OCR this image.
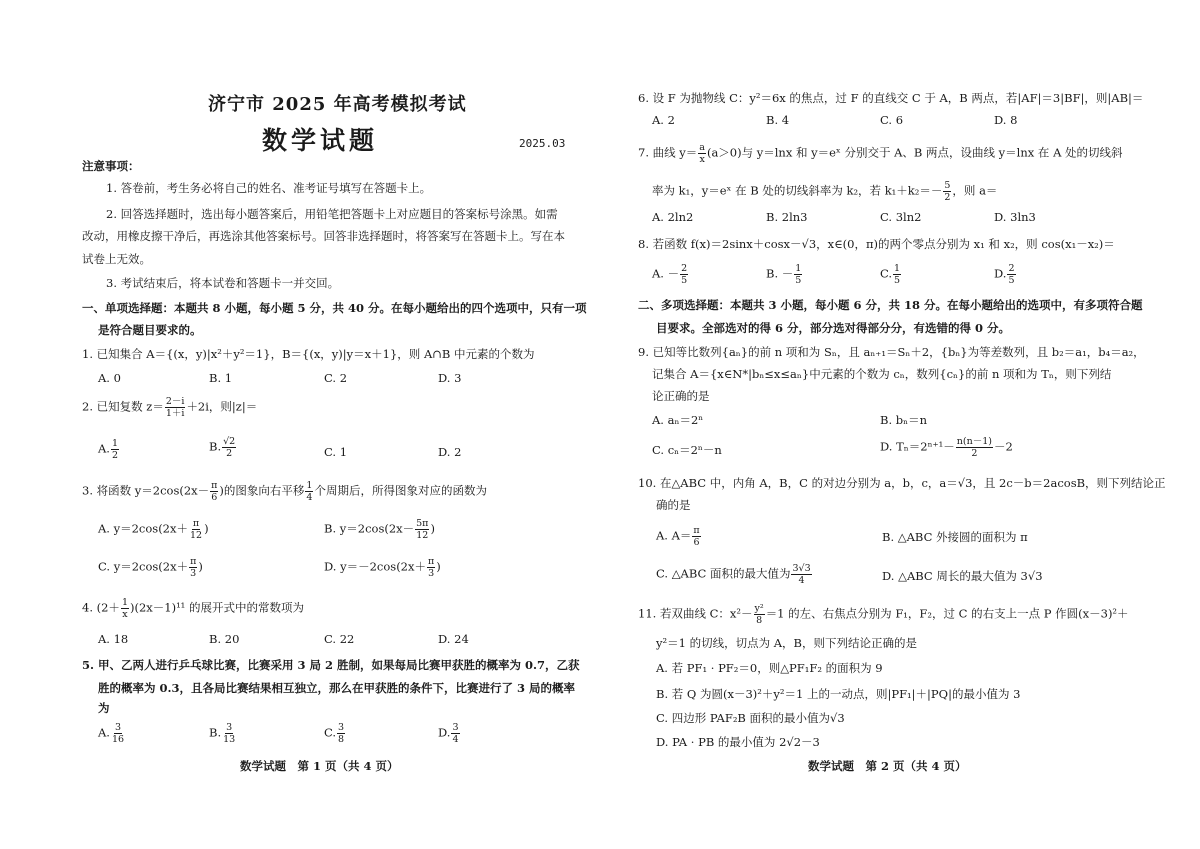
济宁市 2025 年高考模拟考试
数学试题	2025.03
注意事项：
1. 答卷前，考生务必将自己的姓名、准考证号填写在答题卡上。
2. 回答选择题时，选出每小题答案后，用铅笔把答题卡上对应题目的答案标号涂黑。如需
改动，用橡皮擦干净后，再选涂其他答案标号。回答非选择题时，将答案写在答题卡上。写在本
试卷上无效。
3. 考试结束后，将本试卷和答题卡一并交回。
一、单项选择题：本题共 8 小题，每小题 5 分，共 40 分。在每小题给出的四个选项中，只有一项
是符合题目要求的。
1. 已知集合 A＝{(x，y)|x²＋y²＝1}，B＝{(x，y)|y＝x＋1}，则 A∩B 中元素的个数为
A. 0	B. 1	C. 2	D. 3
2. 已知复数 $z= \frac{2-i}{1+i} +2i$，则|z|＝
A. $\frac{1}{2}$	B. $\frac{√2}{2}$	C. 1	D. 2
3. 将函数 $y=2\cos(2x- \frac{\pi}{6}$ )的图象向右平移 $\frac{1}{4}$ 个周期后，所得图象对应的函数为
A. $y=2\cos(2x+ \frac{\pi}{12}$ )	B. $y=2\cos(2x- \frac{5\pi}{12}$ )
C. $y=2\cos(2x+ \frac{\pi}{3}$ )	D. $y=-2\cos(2x+ \frac{\pi}{3}$ )
4. $(2+ \frac{1}{x} )(2x-1)^{11}$ 的展开式中的常数项为
A. 18	B. 20	C. 22	D. 24
5. 甲、乙两人进行乒乓球比赛，比赛采用 3 局 2 胜制，如果每局比赛甲获胜的概率为 0.7，乙获
胜的概率为 0.3，且各局比赛结果相互独立，那么在甲获胜的条件下，比赛进行了 3 局的概率
为
A. $\frac{3}{16}$	B. $\frac{3}{13}$	C. $\frac{3}{8}$	D. $\frac{3}{4}$
数学试题　第 1 页（共 4 页）
6. 设 F 为抛物线 C：y²＝6x 的焦点，过 F 的直线交 C 于 A，B 两点，若|AF|＝3|BF|，则|AB|＝
A. 2	B. 4	C. 6	D. 8
7. 曲线 $y= \frac{a}{x} (a>0)$与 y＝lnx 和 y＝eˣ 分别交于 A、B 两点，设曲线 y＝lnx 在 A 处的切线斜
率为 k₁，y＝eˣ 在 B 处的切线斜率为 k₂，若 $k_1+k_2=- \frac{5}{2}$ ，则 a＝
A. 2ln2	B. 2ln3	C. 3ln2	D. 3ln3
8. 若函数 f(x)＝2sinx＋cosx－√3，x∈(0，π)的两个零点分别为 x₁ 和 x₂，则 cos(x₁－x₂)＝
A. － $\frac{2}{5}$	B. － $\frac{1}{5}$	C. $\frac{1}{5}$	D. $\frac{2}{5}$
二、多项选择题：本题共 3 小题，每小题 6 分，共 18 分。在每小题给出的选项中，有多项符合题
目要求。全部选对的得 6 分，部分选对得部分分，有选错的得 0 分。
9. 已知等比数列{aₙ}的前 n 项和为 Sₙ，且 aₙ₊₁＝Sₙ＋2，{bₙ}为等差数列，且 b₂＝a₁，b₄＝a₂，
记集合 A＝{x∈N*|bₙ≤x≤aₙ}中元素的个数为 cₙ，数列{cₙ}的前 n 项和为 Tₙ，则下列结
论正确的是
A. aₙ＝2ⁿ	B. bₙ＝n
C. cₙ＝2ⁿ－n	D. $T_n=2^{n+1}- \frac{n(n-1)}{2} -2$
10. 在△ABC 中，内角 A，B，C 的对边分别为 a，b，c，a＝√3，且 2c－b＝2acosB，则下列结论正
确的是
A. $A= \frac{\pi}{6}$	B. △ABC 外接圆的面积为 π
C. △ABC 面积的最大值为 $\frac{3√3}{4}$	D. △ABC 周长的最大值为 3√3
11. 若双曲线 C：$x^2- \frac{\text{y²}}{8} =1$ 的左、右焦点分别为 F₁，F₂，过 C 的右支上一点 P 作圆(x－3)²＋
y²＝1 的切线，切点为 A，B，则下列结论正确的是
A. 若 PF₁ · PF₂＝0，则△PF₁F₂ 的面积为 9
B. 若 Q 为圆(x－3)²＋y²＝1 上的一动点，则|PF₁|＋|PQ|的最小值为 3
C. 四边形 PAF₂B 面积的最小值为√3
D. PA · PB 的最小值为 2√2－3
数学试题　第 2 页（共 4 页）
